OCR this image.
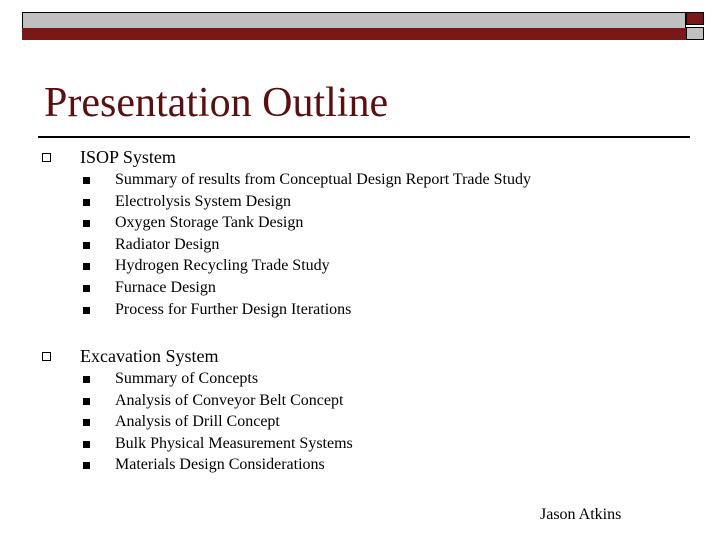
Presentation Outline
ISOP System
Summary of results from Conceptual Design Report Trade Study
Electrolysis System Design
Oxygen Storage Tank Design
Radiator Design
Hydrogen Recycling Trade Study
Furnace Design
Process for Further Design Iterations
Excavation System
Summary of Concepts
Analysis of Conveyor Belt Concept
Analysis of Drill Concept
Bulk Physical Measurement Systems
Materials Design Considerations
Jason Atkins
